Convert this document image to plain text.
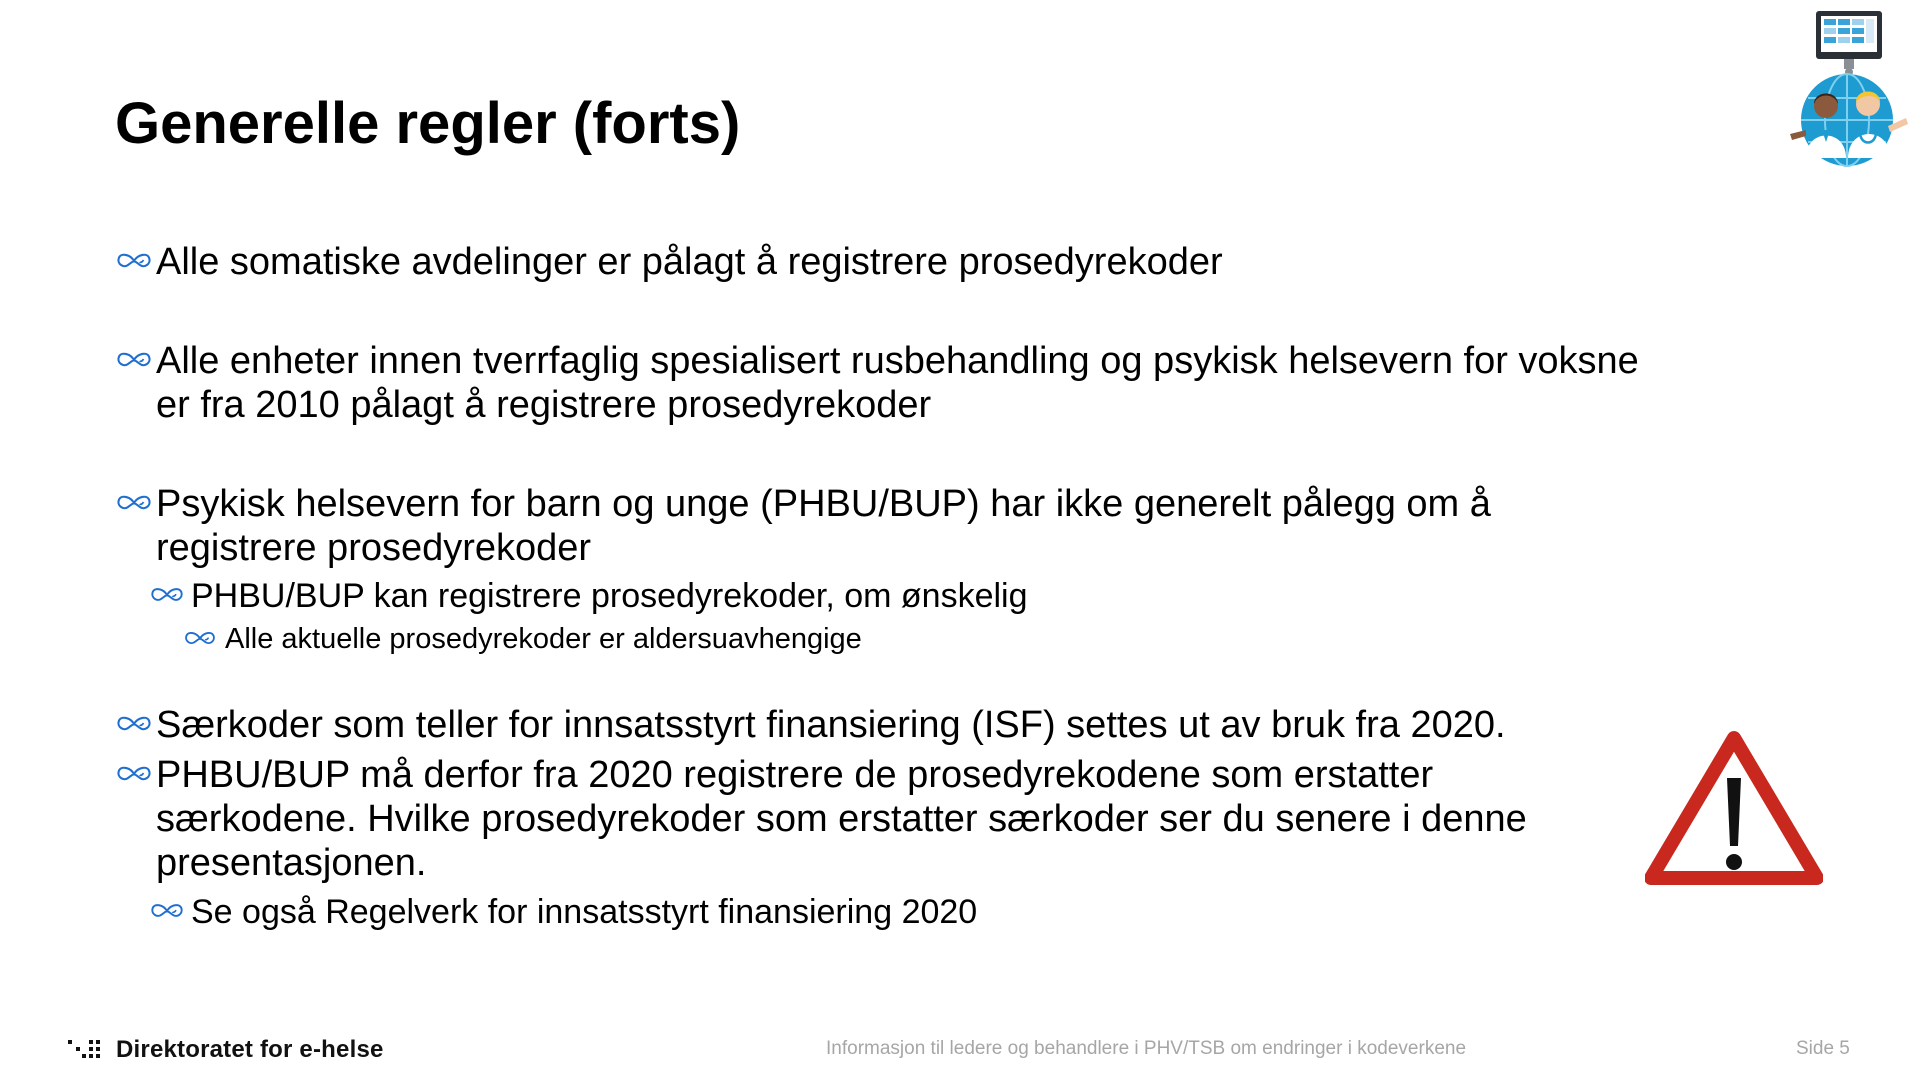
Generelle regler (forts)
Alle somatiske avdelinger er pålagt å registrere prosedyrekoder
Alle enheter innen tverrfaglig spesialisert rusbehandling og psykisk helsevern for voksne er fra 2010 pålagt å registrere prosedyrekoder
Psykisk helsevern for barn og unge (PHBU/BUP) har ikke generelt pålegg om å registrere prosedyrekoder
PHBU/BUP kan registrere prosedyrekoder, om ønskelig
Alle aktuelle prosedyrekoder er aldersuavhengige
Særkoder som teller for innsatsstyrt finansiering (ISF) settes ut av bruk fra 2020.
PHBU/BUP må derfor fra 2020 registrere de prosedyrekodene som erstatter særkodene. Hvilke prosedyrekoder som erstatter særkoder ser du senere i denne presentasjonen.
Se også Regelverk for innsatsstyrt finansiering 2020
Direktoratet for e-helse	Informasjon til ledere og behandlere i PHV/TSB om endringer i kodeverkene	Side 5
